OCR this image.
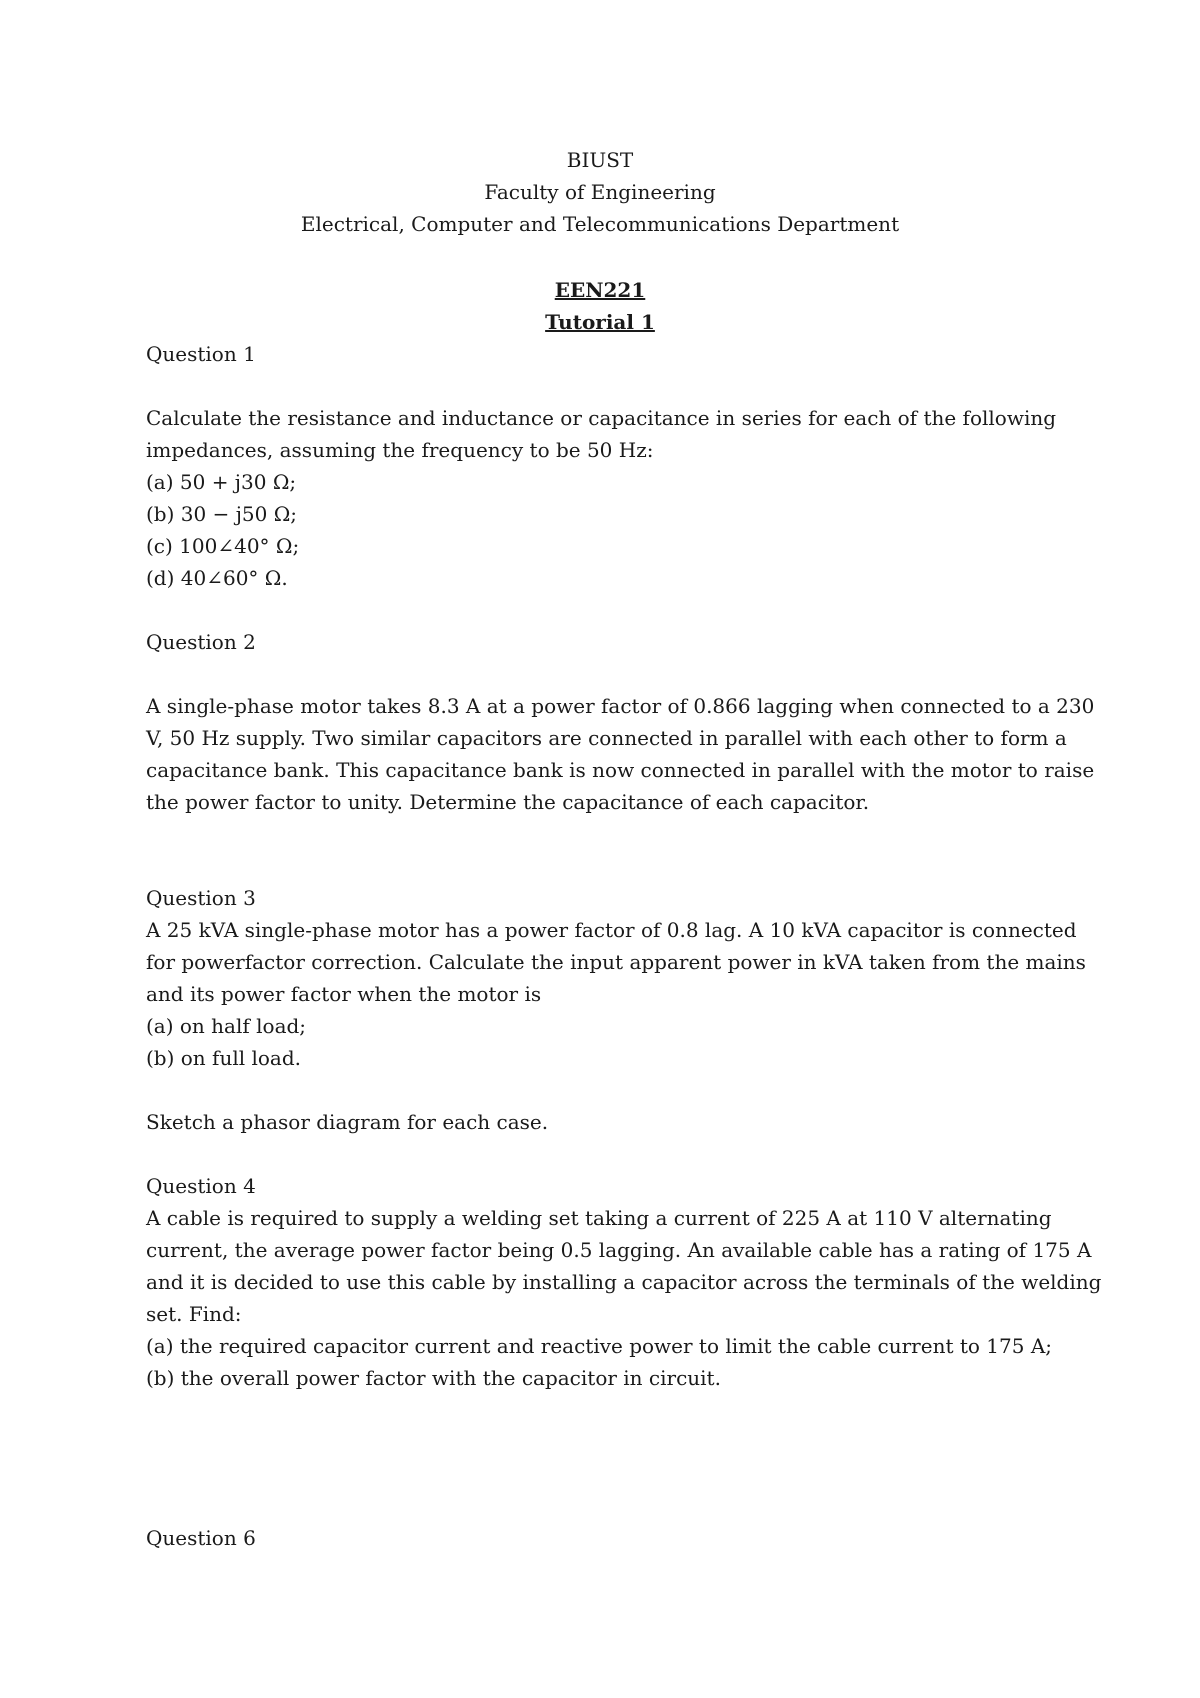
BIUST
Faculty of Engineering
Electrical, Computer and Telecommunications Department
EEN221
Tutorial 1
Question 1
Calculate the resistance and inductance or capacitance in series for each of the following
impedances, assuming the frequency to be 50 Hz:
(a) 50 + j30 Ω;
(b) 30 − j50 Ω;
(c) 100∠40° Ω;
(d) 40∠60° Ω.
Question 2
A single-phase motor takes 8.3 A at a power factor of 0.866 lagging when connected to a 230
V, 50 Hz supply. Two similar capacitors are connected in parallel with each other to form a
capacitance bank. This capacitance bank is now connected in parallel with the motor to raise
the power factor to unity. Determine the capacitance of each capacitor.
Question 3
A 25 kVA single-phase motor has a power factor of 0.8 lag. A 10 kVA capacitor is connected
for powerfactor correction. Calculate the input apparent power in kVA taken from the mains
and its power factor when the motor is
(a) on half load;
(b) on full load.
Sketch a phasor diagram for each case.
Question 4
A cable is required to supply a welding set taking a current of 225 A at 110 V alternating
current, the average power factor being 0.5 lagging. An available cable has a rating of 175 A
and it is decided to use this cable by installing a capacitor across the terminals of the welding
set. Find:
(a) the required capacitor current and reactive power to limit the cable current to 175 A;
(b) the overall power factor with the capacitor in circuit.
Question 6
